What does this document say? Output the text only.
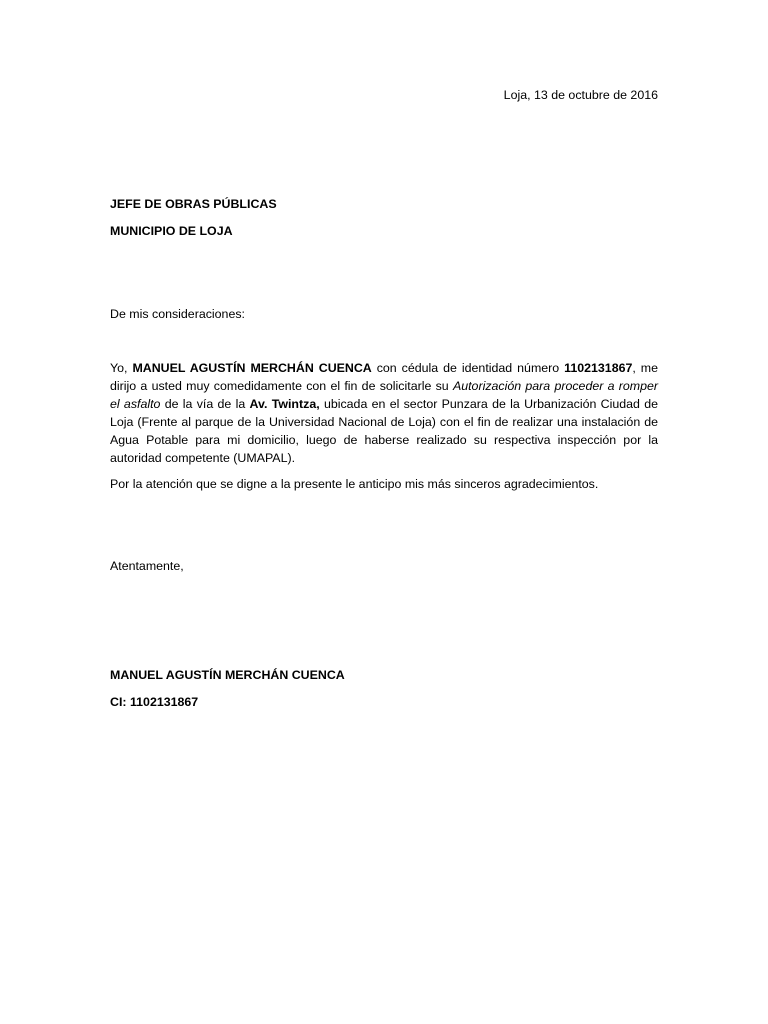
Loja, 13 de octubre de 2016
JEFE DE OBRAS PÚBLICAS
MUNICIPIO DE LOJA
De mis consideraciones:
Yo, MANUEL AGUSTÍN MERCHÁN CUENCA con cédula de identidad número 1102131867, me dirijo a usted muy comedidamente con el fin de solicitarle su Autorización para proceder a romper el asfalto de la vía de la Av. Twintza, ubicada en el sector Punzara de la Urbanización Ciudad de Loja (Frente al parque de la Universidad Nacional de Loja) con el fin de realizar una instalación de Agua Potable para mi domicilio, luego de haberse realizado su respectiva inspección por la autoridad competente (UMAPAL).
Por la atención que se digne a la presente le anticipo mis más sinceros agradecimientos.
Atentamente,
MANUEL AGUSTÍN MERCHÁN CUENCA
CI: 1102131867
